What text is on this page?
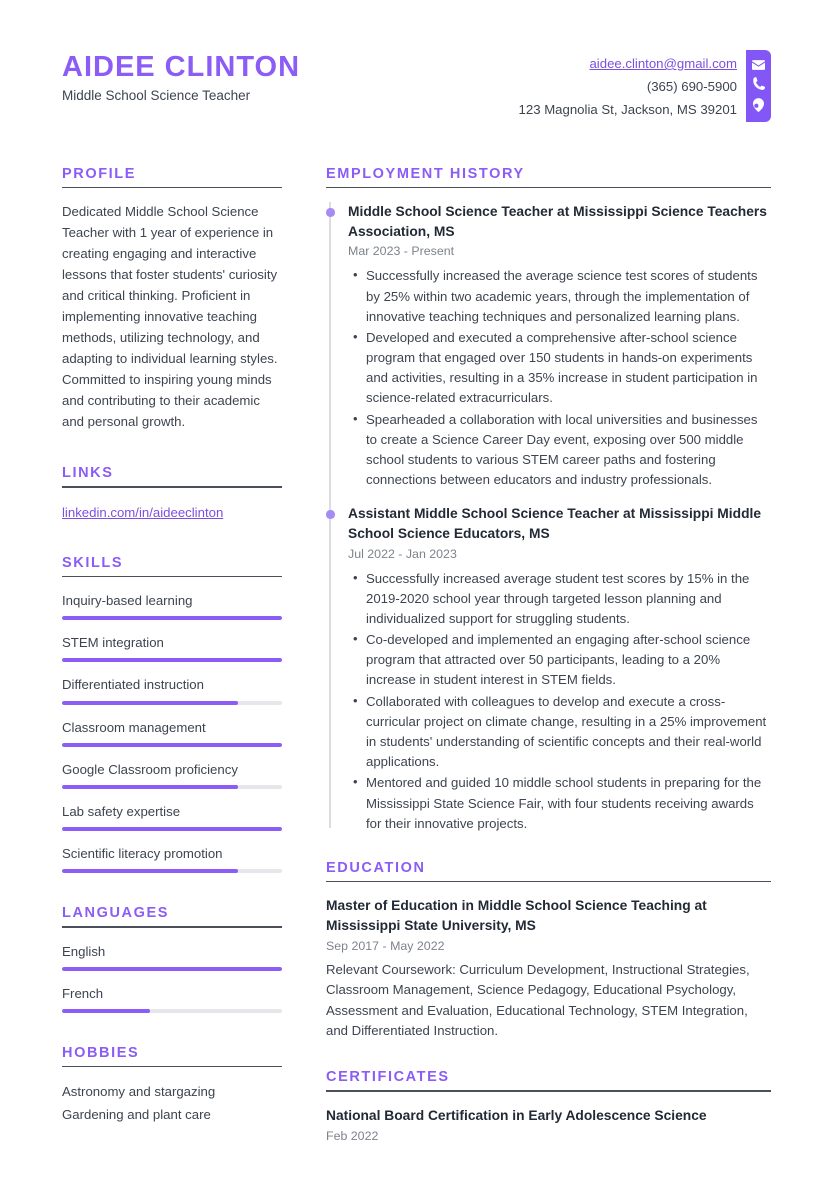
AIDEE CLINTON
Middle School Science Teacher
aidee.clinton@gmail.com
(365) 690-5900
123 Magnolia St, Jackson, MS 39201
PROFILE

Dedicated Middle School Science Teacher with 1 year of experience in creating engaging and interactive lessons that foster students' curiosity and critical thinking. Proficient in implementing innovative teaching methods, utilizing technology, and adapting to individual learning styles. Committed to inspiring young minds and contributing to their academic and personal growth.

LINKS
linkedin.com/in/aideeclinton
SKILLS
Inquiry-based learning
STEM integration
Differentiated instruction
Classroom management
Google Classroom proficiency
Lab safety expertise
Scientific literacy promotion
LANGUAGES
English
French
HOBBIES
Astronomy and stargazing
Gardening and plant care
EMPLOYMENT HISTORY
Middle School Science Teacher at Mississippi Science Teachers Association, MS
Mar 2023 - Present
• Successfully increased the average science test scores of students by 25% within two academic years, through the implementation of innovative teaching techniques and personalized learning plans.
• Developed and executed a comprehensive after-school science program that engaged over 150 students in hands-on experiments and activities, resulting in a 35% increase in student participation in science-related extracurriculars.
• Spearheaded a collaboration with local universities and businesses to create a Science Career Day event, exposing over 500 middle school students to various STEM career paths and fostering connections between educators and industry professionals.
Assistant Middle School Science Teacher at Mississippi Middle School Science Educators, MS
Jul 2022 - Jan 2023
• Successfully increased average student test scores by 15% in the 2019-2020 school year through targeted lesson planning and individualized support for struggling students.
• Co-developed and implemented an engaging after-school science program that attracted over 50 participants, leading to a 20% increase in student interest in STEM fields.
• Collaborated with colleagues to develop and execute a cross-curricular project on climate change, resulting in a 25% improvement in students' understanding of scientific concepts and their real-world applications.
• Mentored and guided 10 middle school students in preparing for the Mississippi State Science Fair, with four students receiving awards for their innovative projects.
EDUCATION
Master of Education in Middle School Science Teaching at Mississippi State University, MS
Sep 2017 - May 2022

Relevant Coursework: Curriculum Development, Instructional Strategies, Classroom Management, Science Pedagogy, Educational Psychology, Assessment and Evaluation, Educational Technology, STEM Integration, and Differentiated Instruction.

CERTIFICATES
National Board Certification in Early Adolescence Science
Feb 2022
